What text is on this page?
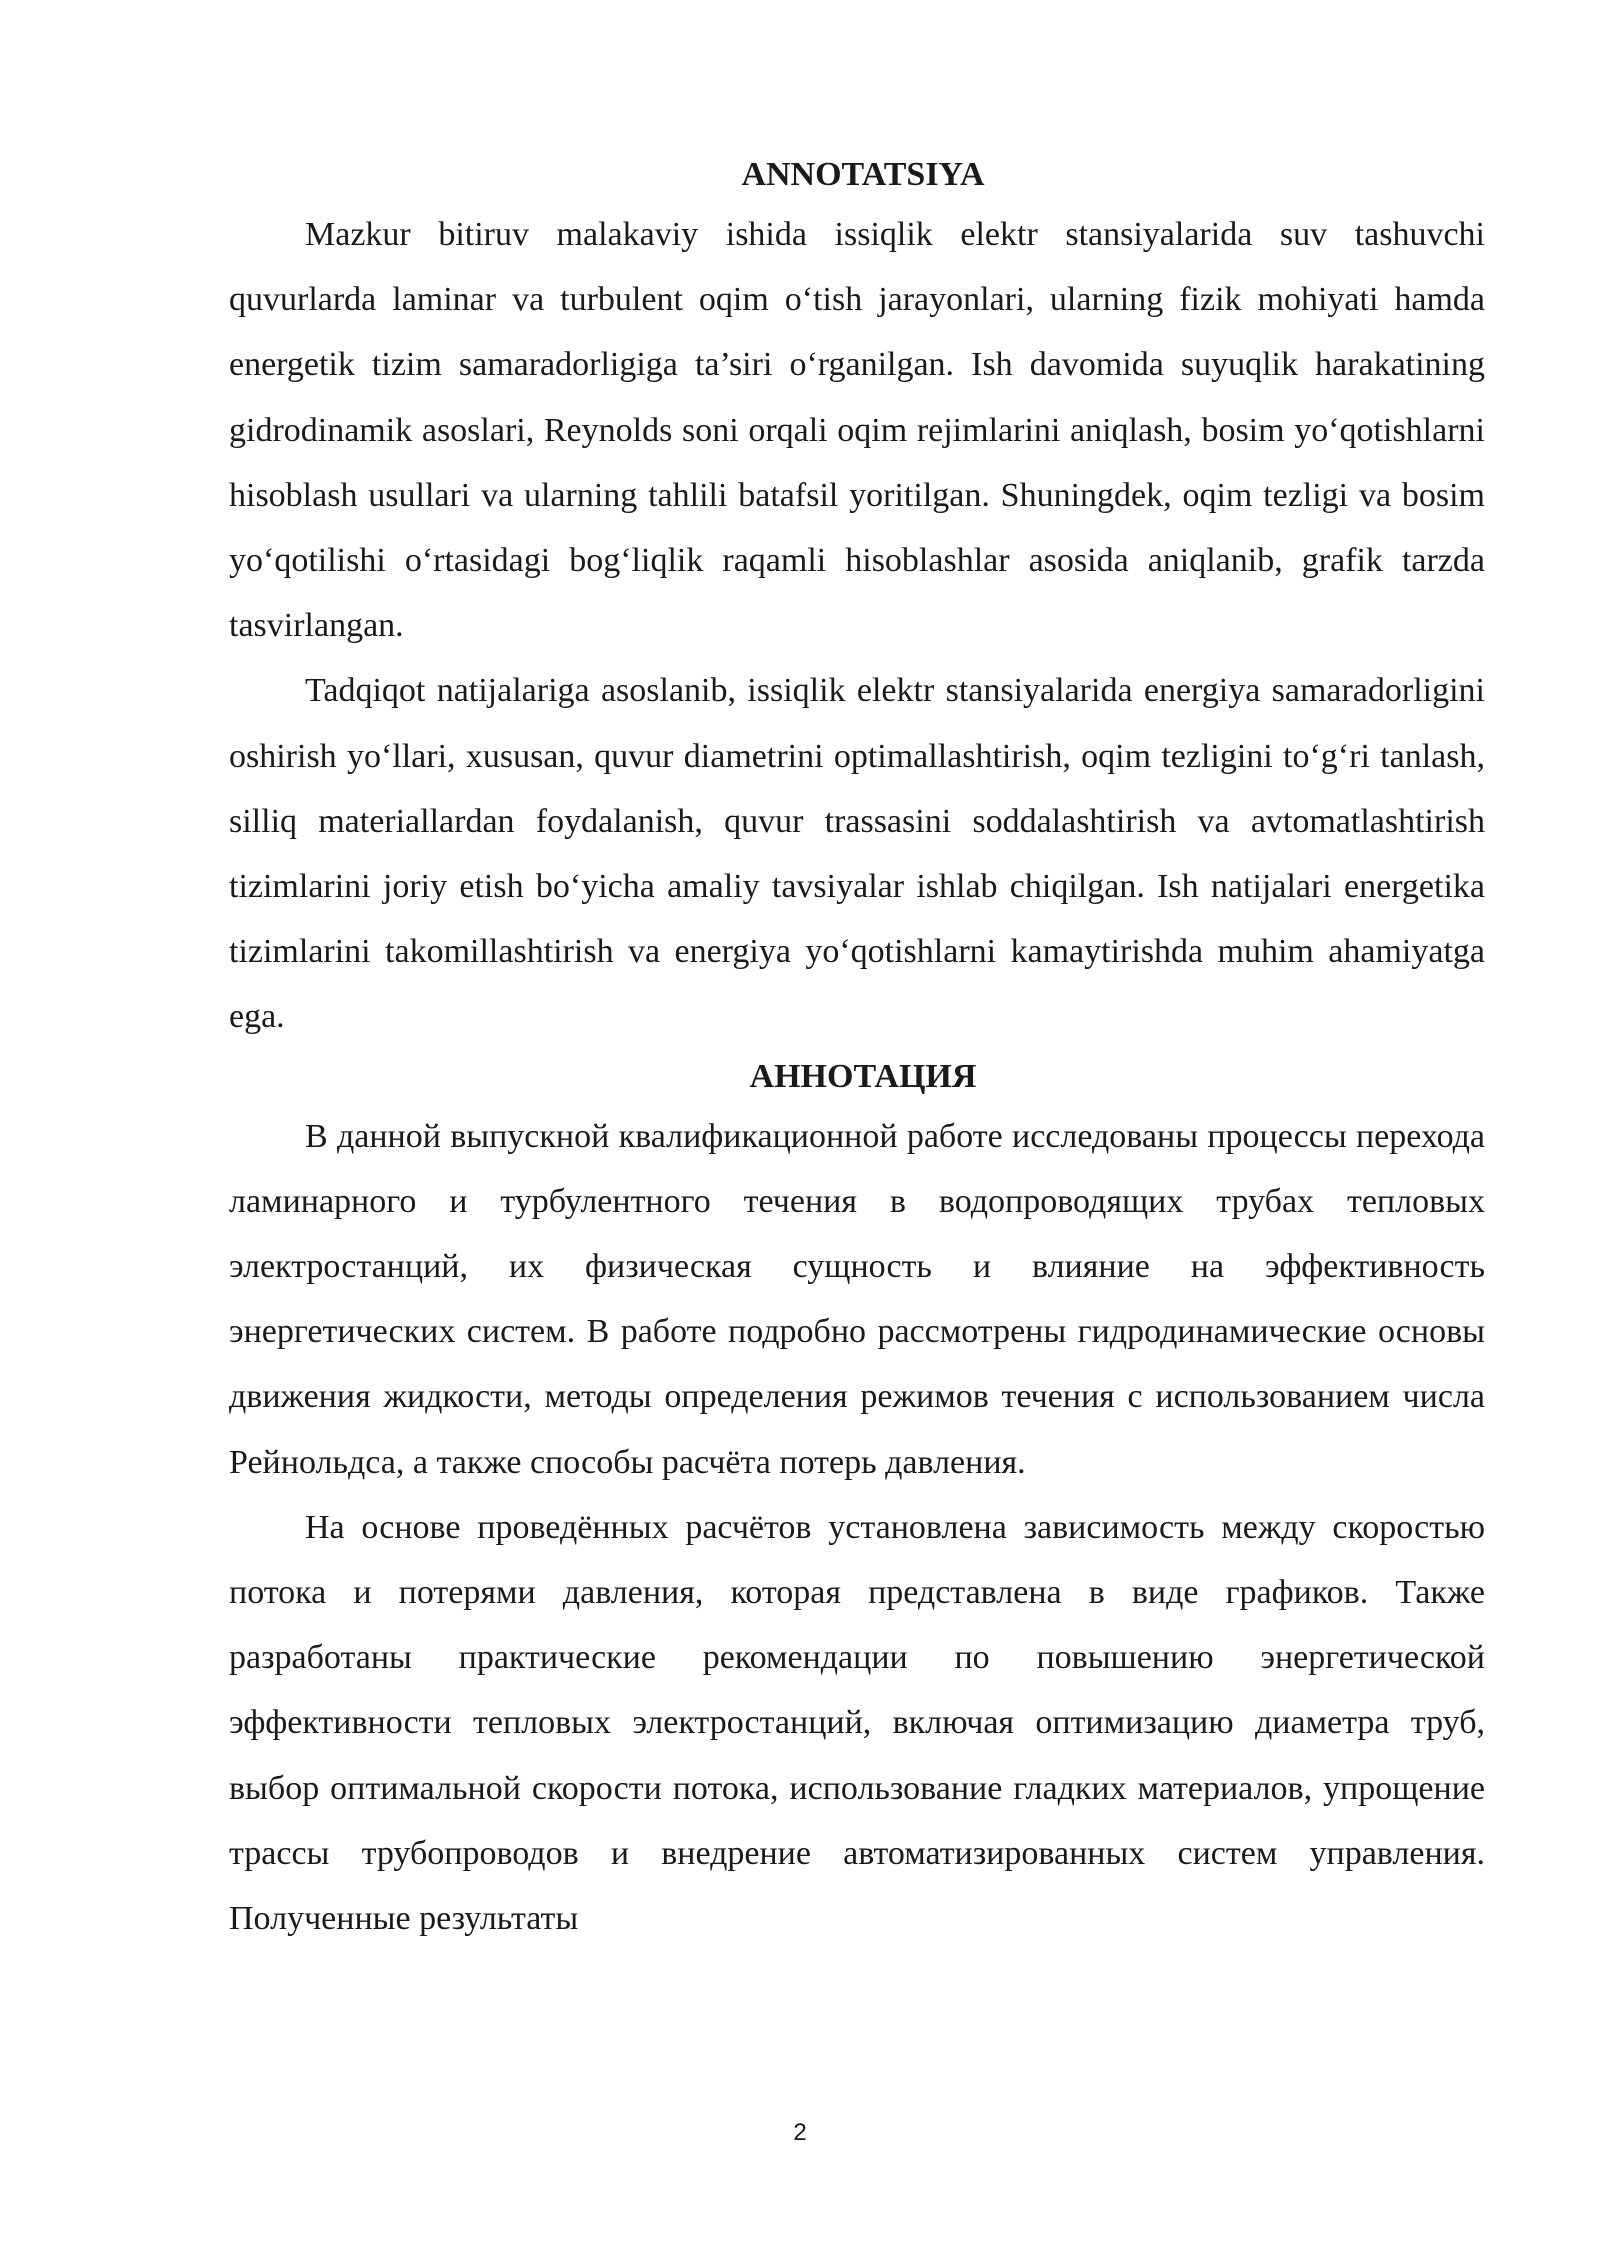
ANNOTATSIYA

Mazkur bitiruv malakaviy ishida issiqlik elektr stansiyalarida suv tashuvchi quvurlarda laminar va turbulent oqim o‘tish jarayonlari, ularning fizik mohiyati hamda energetik tizim samaradorligiga ta’siri o‘rganilgan. Ish davomida suyuqlik harakatining gidrodinamik asoslari, Reynolds soni orqali oqim rejimlarini aniqlash, bosim yo‘qotishlarni hisoblash usullari va ularning tahlili batafsil yoritilgan. Shuningdek, oqim tezligi va bosim yo‘qotilishi o‘rtasidagi bog‘liqlik raqamli hisoblashlar asosida aniqlanib, grafik tarzda tasvirlangan.

Tadqiqot natijalariga asoslanib, issiqlik elektr stansiyalarida energiya samaradorligini oshirish yo‘llari, xususan, quvur diametrini optimallashtirish, oqim tezligini to‘g‘ri tanlash, silliq materiallardan foydalanish, quvur trassasini soddalashtirish va avtomatlashtirish tizimlarini joriy etish bo‘yicha amaliy tavsiyalar ishlab chiqilgan. Ish natijalari energetika tizimlarini takomillashtirish va energiya yo‘qotishlarni kamaytirishda muhim ahamiyatga ega.

АННОТАЦИЯ

В данной выпускной квалификационной работе исследованы процессы перехода ламинарного и турбулентного течения в водопроводящих трубах тепловых электростанций, их физическая сущность и влияние на эффективность энергетических систем. В работе подробно рассмотрены гидродинамические основы движения жидкости, методы определения режимов течения с использованием числа Рейнольдса, а также способы расчёта потерь давления.

На основе проведённых расчётов установлена зависимость между скоростью потока и потерями давления, которая представлена в виде графиков. Также разработаны практические рекомендации по повышению энергетической эффективности тепловых электростанций, включая оптимизацию диаметра труб, выбор оптимальной скорости потока, использование гладких материалов, упрощение трассы трубопроводов и внедрение автоматизированных систем управления. Полученные результаты

2
